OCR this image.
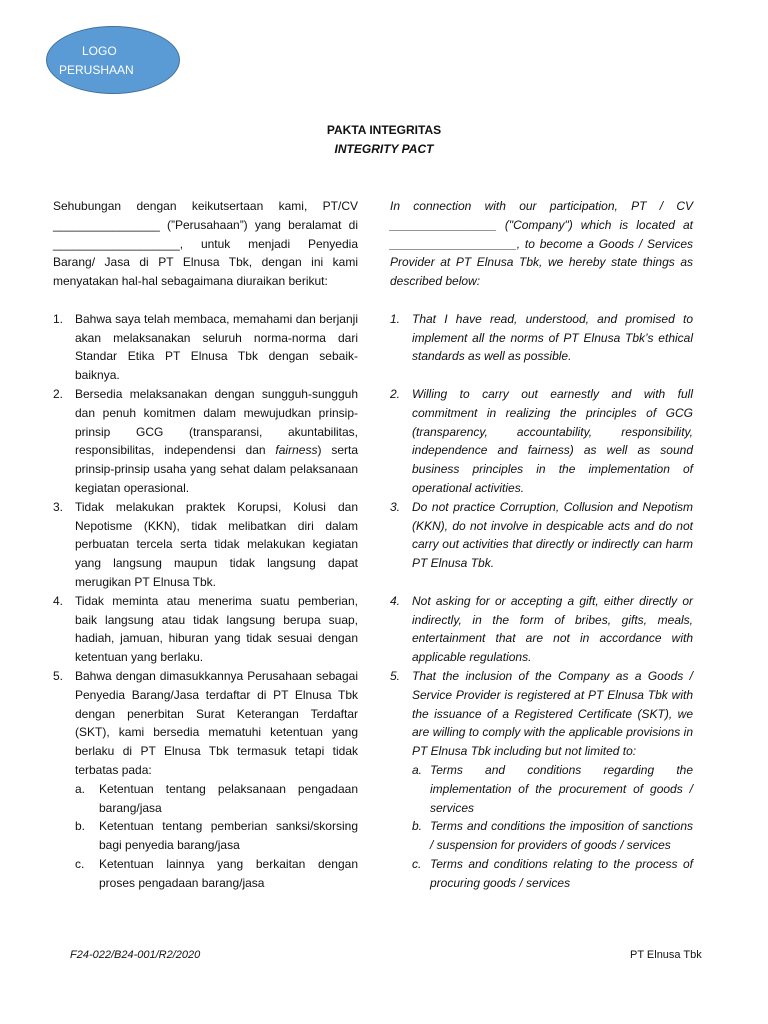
LOGO
PERUSHAAN
PAKTA INTEGRITAS
INTEGRITY PACT
Sehubungan dengan keikutsertaan kami, PT/CV ________________ (”Perusahaan”) yang beralamat di ___________________, untuk menjadi Penyedia Barang/ Jasa di PT Elnusa Tbk, dengan ini kami menyatakan hal-hal sebagaimana diuraikan berikut:
1. Bahwa saya telah membaca, memahami dan berjanji akan melaksanakan seluruh norma-norma dari Standar Etika PT Elnusa Tbk dengan sebaik-baiknya.
2. Bersedia melaksanakan dengan sungguh-sungguh dan penuh komitmen dalam mewujudkan prinsip-prinsip GCG (transparansi, akuntabilitas, responsibilitas, independensi dan fairness) serta prinsip-prinsip usaha yang sehat dalam pelaksanaan kegiatan operasional.
3. Tidak melakukan praktek Korupsi, Kolusi dan Nepotisme (KKN), tidak melibatkan diri dalam perbuatan tercela serta tidak melakukan kegiatan yang langsung maupun tidak langsung dapat merugikan PT Elnusa Tbk.
4. Tidak meminta atau menerima suatu pemberian, baik langsung atau tidak langsung berupa suap, hadiah, jamuan, hiburan yang tidak sesuai dengan ketentuan yang berlaku.
5. Bahwa dengan dimasukkannya Perusahaan sebagai Penyedia Barang/Jasa terdaftar di PT Elnusa Tbk dengan penerbitan Surat Keterangan Terdaftar (SKT), kami bersedia mematuhi ketentuan yang berlaku di PT Elnusa Tbk termasuk tetapi tidak terbatas pada:
a. Ketentuan tentang pelaksanaan pengadaan barang/jasa
b. Ketentuan tentang pemberian sanksi/skorsing bagi penyedia barang/jasa
c. Ketentuan lainnya yang berkaitan dengan proses pengadaan barang/jasa
In connection with our participation, PT / CV ________________ ("Company") which is located at ___________________, to become a Goods / Services Provider at PT Elnusa Tbk, we hereby state things as described below:
1. That I have read, understood, and promised to implement all the norms of PT Elnusa Tbk’s ethical standards as well as possible.
2. Willing to carry out earnestly and with full commitment in realizing the principles of GCG (transparency, accountability, responsibility, independence and fairness) as well as sound business principles in the implementation of operational activities.
3. Do not practice Corruption, Collusion and Nepotism (KKN), do not involve in despicable acts and do not carry out activities that directly or indirectly can harm PT Elnusa Tbk.
4. Not asking for or accepting a gift, either directly or indirectly, in the form of bribes, gifts, meals, entertainment that are not in accordance with applicable regulations.
5. That the inclusion of the Company as a Goods / Service Provider is registered at PT Elnusa Tbk with the issuance of a Registered Certificate (SKT), we are willing to comply with the applicable provisions in PT Elnusa Tbk including but not limited to:
a. Terms and conditions regarding the implementation of the procurement of goods / services
b. Terms and conditions the imposition of sanctions / suspension for providers of goods / services
c. Terms and conditions relating to the process of procuring goods / services
F24-022/B24-001/R2/2020	PT Elnusa Tbk
